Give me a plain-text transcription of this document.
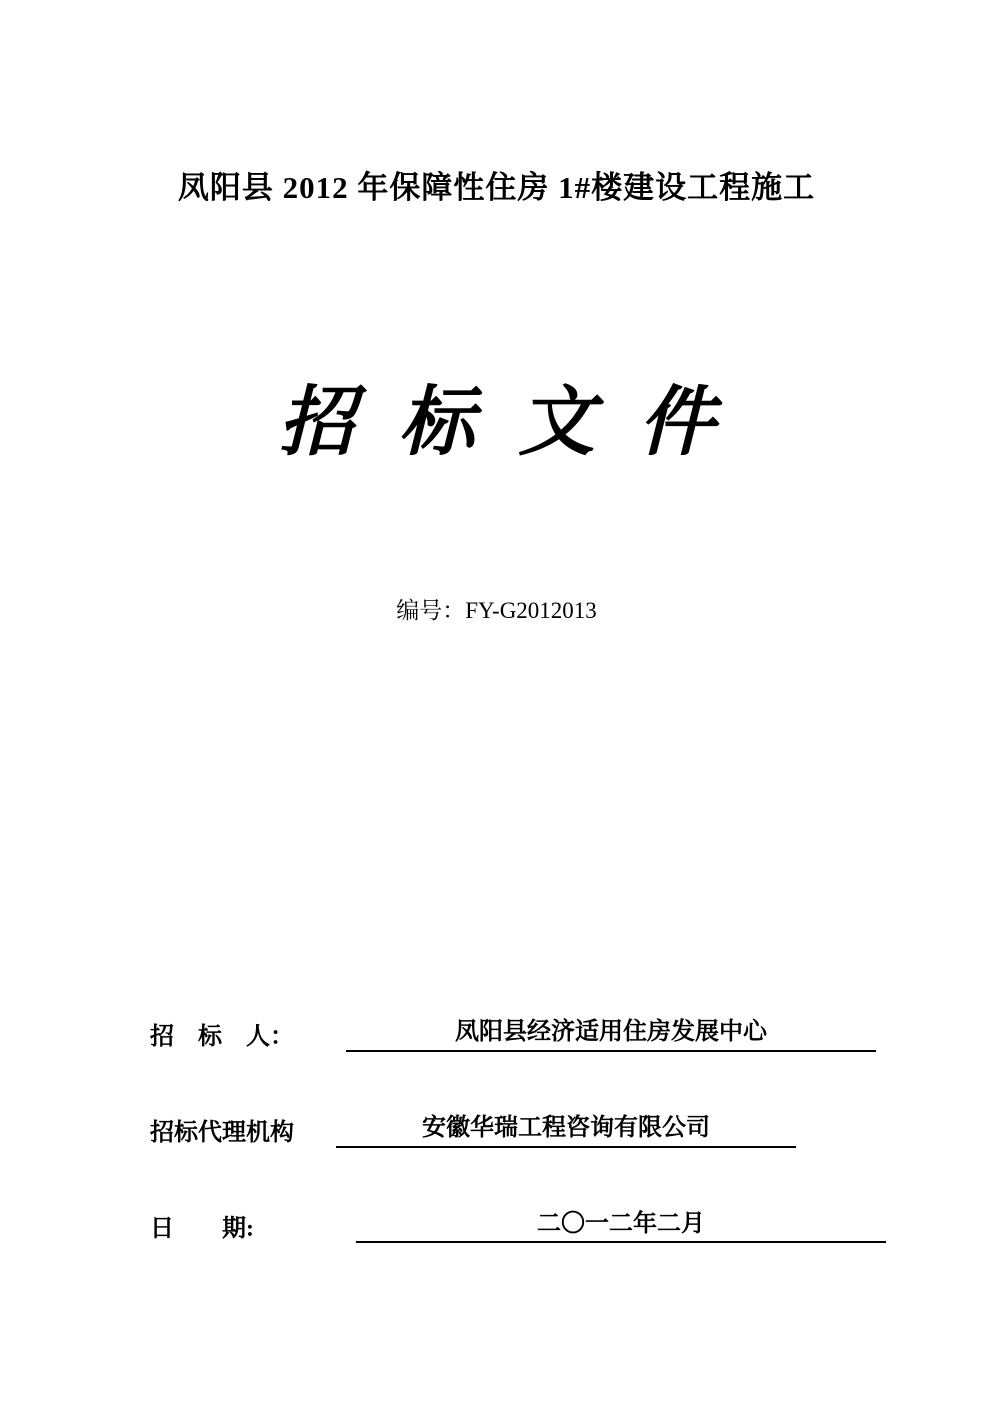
凤阳县 2012 年保障性住房 1#楼建设工程施工
招标文件
编号：FY-G2012013
招　标　人：	凤阳县经济适用住房发展中心
招标代理机构	安徽华瑞工程咨询有限公司
日　　期:	二〇一二年二月
